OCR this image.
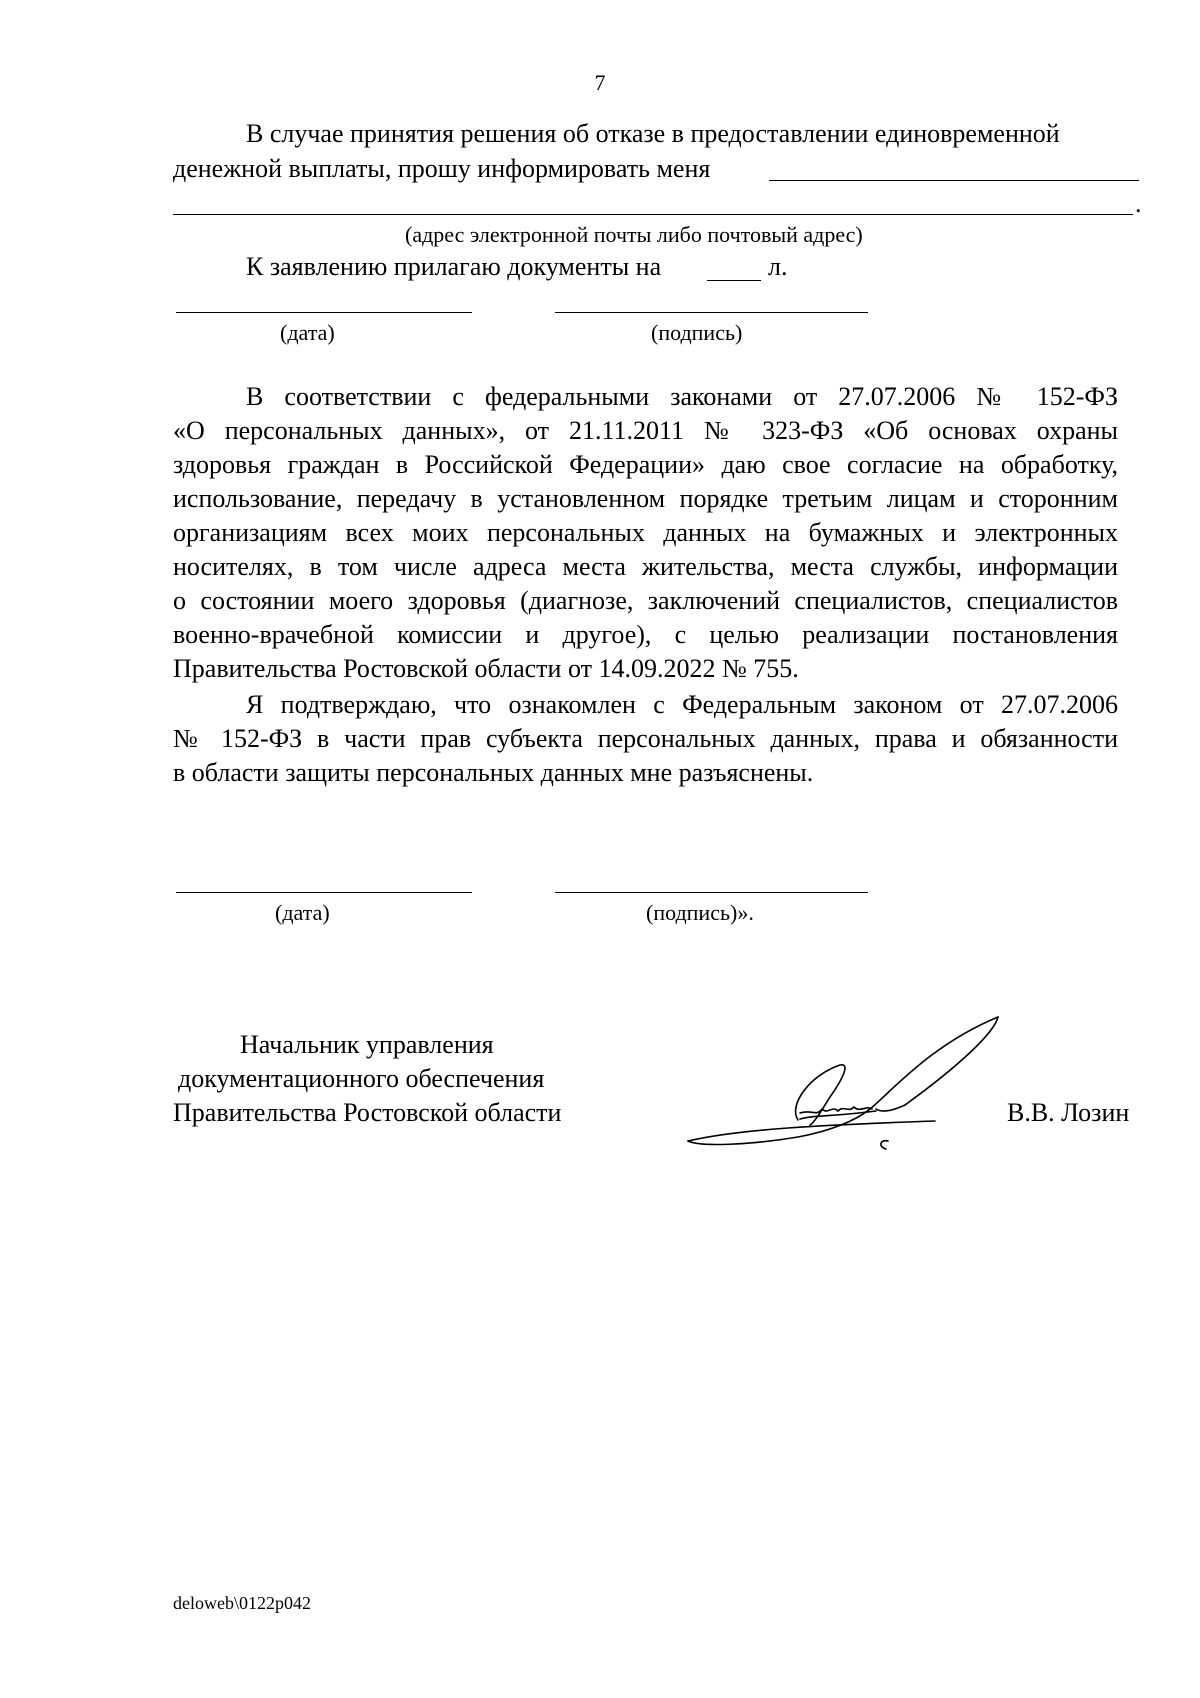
7
В случае принятия решения об отказе в предоставлении единовременной
денежной выплаты, прошу информировать меня
.
(адрес электронной почты либо почтовый адрес)
К заявлению прилагаю документы на	л.
(дата)	(подпись)
В соответствии с федеральными законами от 27.07.2006 № 152-ФЗ
«О персональных данных», от 21.11.2011 № 323-ФЗ «Об основах охраны
здоровья граждан в Российской Федерации» даю свое согласие на обработку,
использование, передачу в установленном порядке третьим лицам и сторонним
организациям всех моих персональных данных на бумажных и электронных
носителях, в том числе адреса места жительства, места службы, информации
о состоянии моего здоровья (диагнозе, заключений специалистов, специалистов
военно-врачебной комиссии и другое), с целью реализации постановления
Правительства Ростовской области от 14.09.2022 № 755.
Я подтверждаю, что ознакомлен с Федеральным законом от 27.07.2006
№ 152-ФЗ в части прав субъекта персональных данных, права и обязанности
в области защиты персональных данных мне разъяснены.
(дата)	(подпись)».
Начальник управления
документационного обеспечения
Правительства Ростовской области	В.В. Лозин
deloweb\0122p042
